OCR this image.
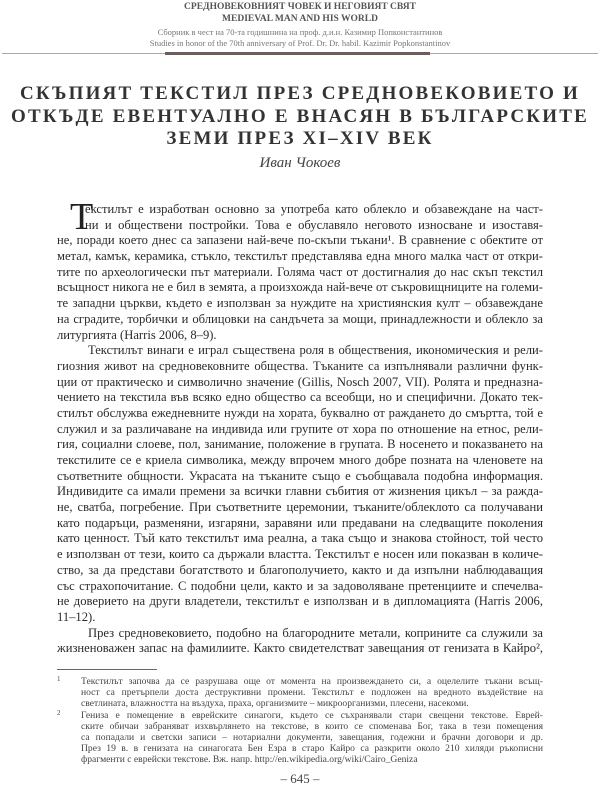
СРЕДНОВЕКОВНИЯТ ЧОВЕК И НЕГОВИЯТ СВЯТ
MEDIEVAL MAN AND HIS WORLD
Сборник в чест на 70-та годишнина на проф. д.и.н. Казимир Попконстантинов
Studies in honor of the 70th anniversary of Prof. Dr. Dr. habil. Kazimir Popkonstantinov
СКЪПИЯТ ТЕКСТИЛ ПРЕЗ СРЕДНОВЕКОВИЕТО И
ОТКЪДЕ ЕВЕНТУАЛНО Е ВНАСЯН В БЪЛГАРСКИТЕ
ЗЕМИ ПРЕЗ XI–XIV ВЕК
Иван Чокоев
Т
екстилът е изработван основно за употреба като облекло и обзавеждане на част-
ни и обществени постройки. Това е обуславяло неговото износване и изоставя-
не, поради което днес са запазени най-вече по-скъпи тъкани¹. В сравнение с обектите от
метал, камък, керамика, стъкло, текстилът представлява една много малка част от откри-
тите по археологически път материали. Голяма част от достигналия до нас скъп текстил
всъщност никога не е бил в земята, а произхожда най-вече от съкровищниците на големи-
те западни църкви, където е използван за нуждите на християнския култ – обзавеждане
на сградите, торбички и облицовки на сандъчета за мощи, принадлежности и облекло за
литургията (Harris 2006, 8–9).
Текстилът винаги е играл съществена роля в обществения, икономическия и рели-
гиозния живот на средновековните общества. Тъканите са изпълнявали различни функ-
ции от практическо и символично значение (Gillis, Nosch 2007, VII). Ролята и предназна-
чението на текстила във всяко едно общество са всеобщи, но и специфични. Докато тек-
стилът обслужва ежедневните нужди на хората, буквално от раждането до смъртта, той е
служил и за различаване на индивида или групите от хора по отношение на етнос, рели-
гия, социални слоеве, пол, занимание, положение в групата. В носенето и показването на
текстилите се е криела символика, между впрочем много добре позната на членовете на
съответните общности. Украсата на тъканите също е съобщавала подобна информация.
Индивидите са имали премени за всички главни събития от жизнения цикъл – за ражда-
не, сватба, погребение. При съответните церемонии, тъканите/облеклото са получавани
като подаръци, разменяни, изгаряни, заравяни или предавани на следващите поколения
като ценност. Тъй като текстилът има реална, а така също и знакова стойност, той често
е използван от тези, които са държали властта. Текстилът е носен или показван в количе-
ство, за да представи богатството и благополучието, както и да изпълни наблюдаващия
със страхопочитание. С подобни цели, както и за задоволяване претенциите и спечелва-
не доверието на други владетели, текстилът е използван и в дипломацията (Harris 2006,
11–12).
През средновековието, подобно на благородните метали, коприните са служили за
жизненоважен запас на фамилиите. Както свидетелстват завещания от генизата в Кайро²,
1 Текстилът започва да се разрушава още от момента на произвеждането си, а оцелелите тъкани всъщ-
ност са претърпели доста деструктивни промени. Текстилът е подложен на вредното въздействие на
светлината, влажността на въздуха, праха, организмите – микроорганизми, плесени, насекоми.
2 Гениза е помещение в еврейските синагоги, където се съхранявали стари свещени текстове. Еврей-
ските обичаи забраняват изхвърлянето на текстове, в които се споменава Бог, така в тези помещения
са попадали и светски записи – нотариални документи, завещания, годежни и брачни договори и др.
През 19 в. в генизата на синагогата Бен Езра в старо Кайро са разкрити около 210 хиляди ръкописни
фрагменти с еврейски текстове. Вж. напр. http://en.wikipedia.org/wiki/Cairo_Geniza
– 645 –
